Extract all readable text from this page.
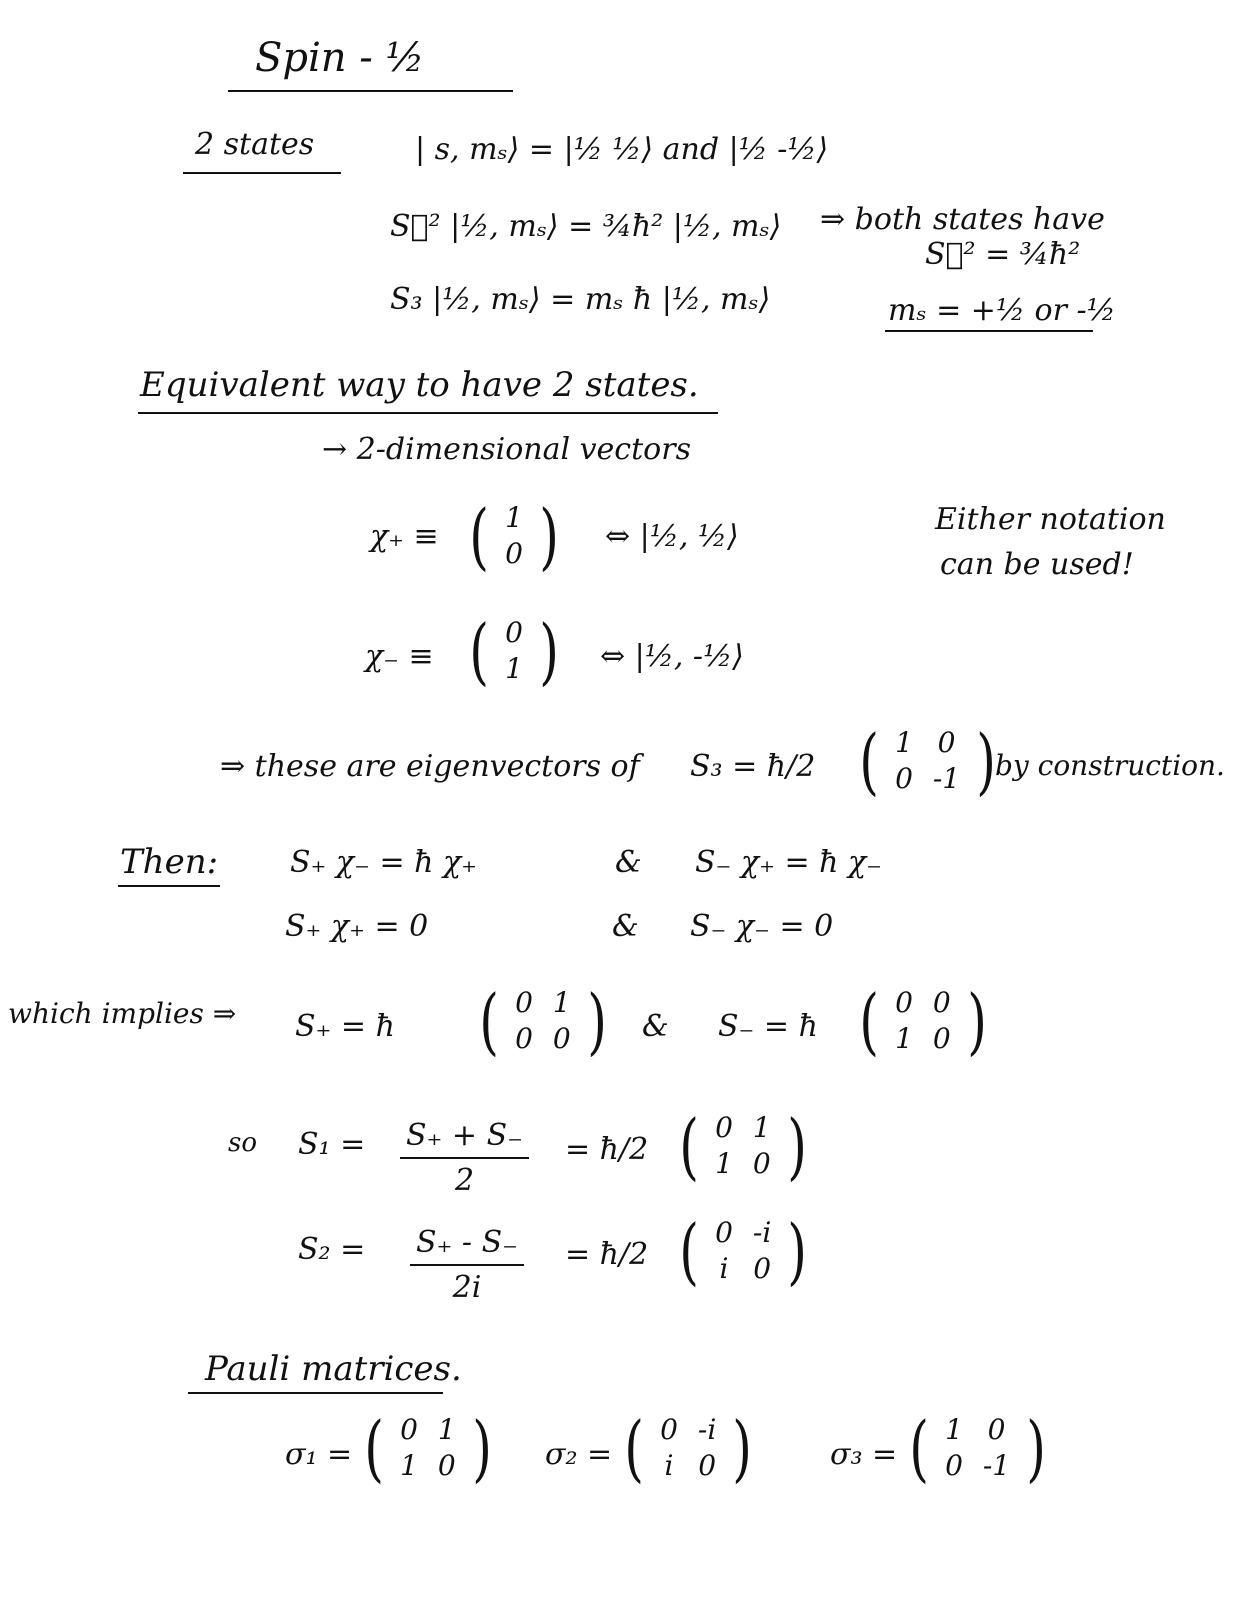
Spin - ½
2 states	| s, mₛ⟩ = |½ ½⟩ and |½ -½⟩
S⃗² |½, mₛ⟩ = ¾ħ² |½, mₛ⟩ ⇒ both states have
S⃗² = ¾ħ²
S₃ |½, mₛ⟩ = mₛ ħ |½, mₛ⟩	mₛ = +½ or -½
Equivalent way to have 2 states.
→ 2-dimensional vectors
χ₊ ≡ ( 1
0 ) ⇔ |½, ½⟩	Either notation
can be used!
χ₋ ≡ ( 0
1 ) ⇔ |½, -½⟩
⇒ these are eigenvectors of S₃ = ħ/2 ( 1	0
0	-1 )
by construction.
Then: S₊ χ₋ = ħ χ₊	& S₋ χ₊ = ħ χ₋
S₊ χ₊ = 0	& S₋ χ₋ = 0
which implies ⇒ S₊ = ħ ( 0	1
0	0 ) & S₋ = ħ ( 0	0
1	0 )
so $S_1 = \frac{S_+ + S_-}{2}$ = ħ/2 ( 0	1
1	0 )
$S_2 = \frac{S_+ - S_-}{2i}$ = ħ/2 ( 0	-i
i	0 )
Pauli matrices.
σ₁ = ( 0	1
1	0 ) σ₂ = ( 0	-i
i	0 )	σ₃ = ( 1	0
0	-1 )
